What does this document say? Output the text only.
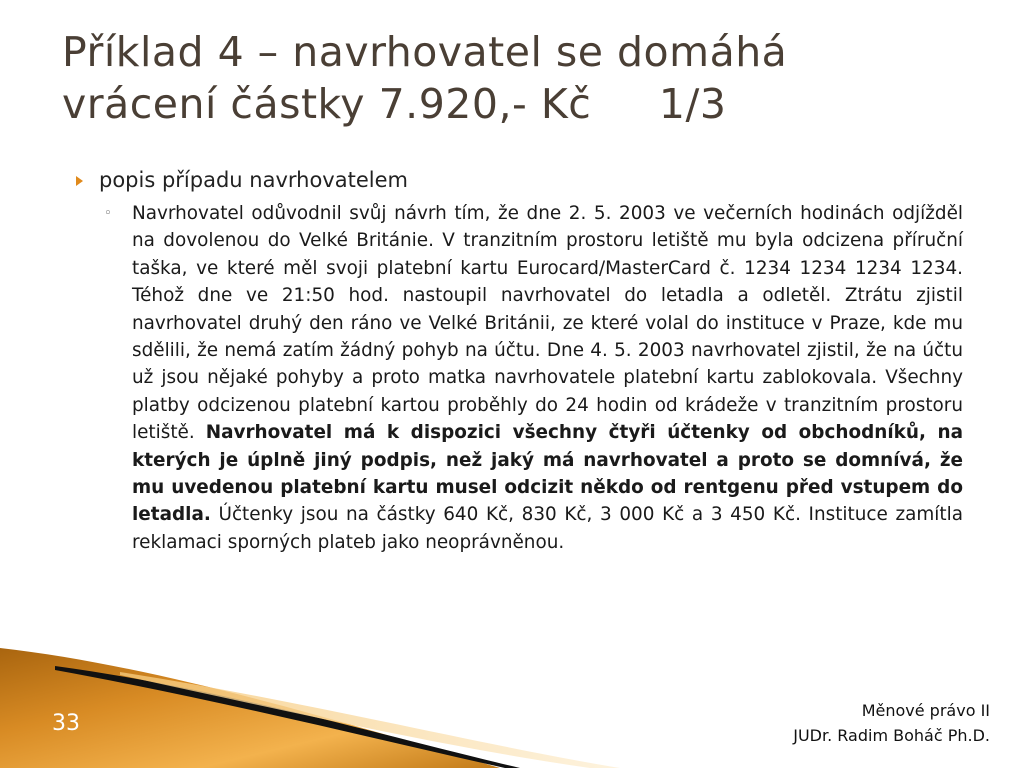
Příklad 4 – navrhovatel se domáhá
vrácení částky 7.920,- Kč     1/3
popis případu navrhovatelem
◦	Navrhovatel odůvodnil svůj návrh tím, že dne 2. 5. 2003 ve večerních hodinách odjížděl na dovolenou do Velké Británie. V tranzitním prostoru letiště mu byla odcizena příruční taška, ve které měl svoji platební kartu Eurocard/MasterCard č. 1234 1234 1234 1234. Téhož dne ve 21:50 hod. nastoupil navrhovatel do letadla a odletěl. Ztrátu zjistil navrhovatel druhý den ráno ve Velké Británii, ze které volal do instituce v Praze, kde mu sdělili, že nemá zatím žádný pohyb na účtu. Dne 4. 5. 2003 navrhovatel zjistil, že na účtu už jsou nějaké pohyby a proto matka navrhovatele platební kartu zablokovala. Všechny platby odcizenou platební kartou proběhly do 24 hodin od krádeže v tranzitním prostoru letiště. Navrhovatel má k dispozici všechny čtyři účtenky od obchodníků, na kterých je úplně jiný podpis, než jaký má navrhovatel a proto se domnívá, že mu uvedenou platební kartu musel odcizit někdo od rentgenu před vstupem do letadla. Účtenky jsou na částky 640 Kč, 830 Kč, 3 000 Kč a 3 450 Kč. Instituce zamítla reklamaci sporných plateb jako neoprávněnou.
33
Měnové právo II
JUDr. Radim Boháč Ph.D.
